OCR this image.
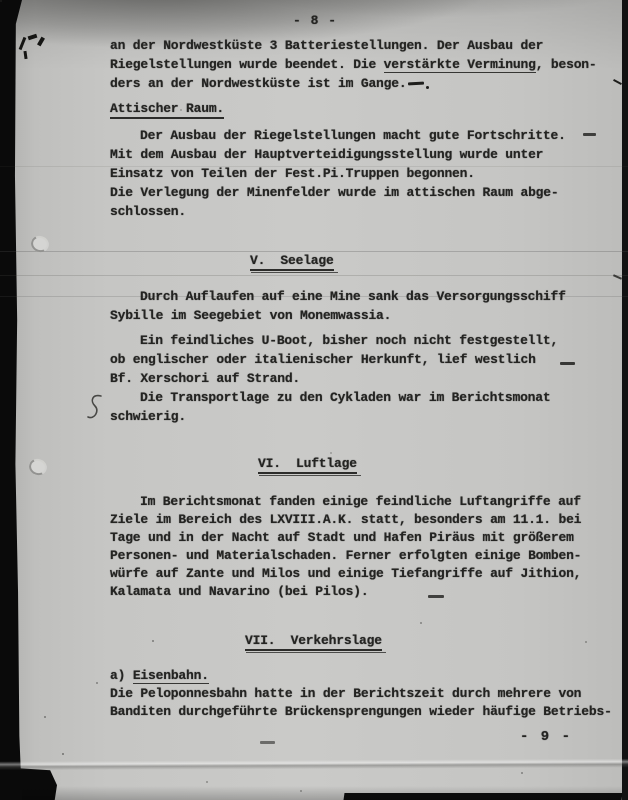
- 8 -
- 9 -
an der Nordwestküste 3 Batteriestellungen. Der Ausbau der
Riegelstellungen wurde beendet. Die verstärkte Verminung, beson-
ders an der Nordwestküste ist im Gange.
Attischer Raum.
Der Ausbau der Riegelstellungen macht gute Fortschritte.
Mit dem Ausbau der Hauptverteidigungsstellung wurde unter
Einsatz von Teilen der Fest.Pi.Truppen begonnen.
Die Verlegung der Minenfelder wurde im attischen Raum abge-
schlossen.
V.  Seelage
Durch Auflaufen auf eine Mine sank das Versorgungsschiff
Sybille im Seegebiet von Monemwassia.
Ein feindliches U-Boot, bisher noch nicht festgestellt,
ob englischer oder italienischer Herkunft, lief westlich
Bf. Xerschori auf Strand.
Die Transportlage zu den Cykladen war im Berichtsmonat
schwierig.
VI.  Luftlage
Im Berichtsmonat fanden einige feindliche Luftangriffe auf
Ziele im Bereich des LXVIII.A.K. statt, besonders am 11.1. bei
Tage und in der Nacht auf Stadt und Hafen Piräus mit größerem
Personen- und Materialschaden. Ferner erfolgten einige Bomben-
würfe auf Zante und Milos und einige Tiefangriffe auf Jithion,
Kalamata und Navarino (bei Pilos).
VII.  Verkehrslage
a) Eisenbahn.
Die Peloponnesbahn hatte in der Berichtszeit durch mehrere von
Banditen durchgeführte Brückensprengungen wieder häufige Betriebs-
